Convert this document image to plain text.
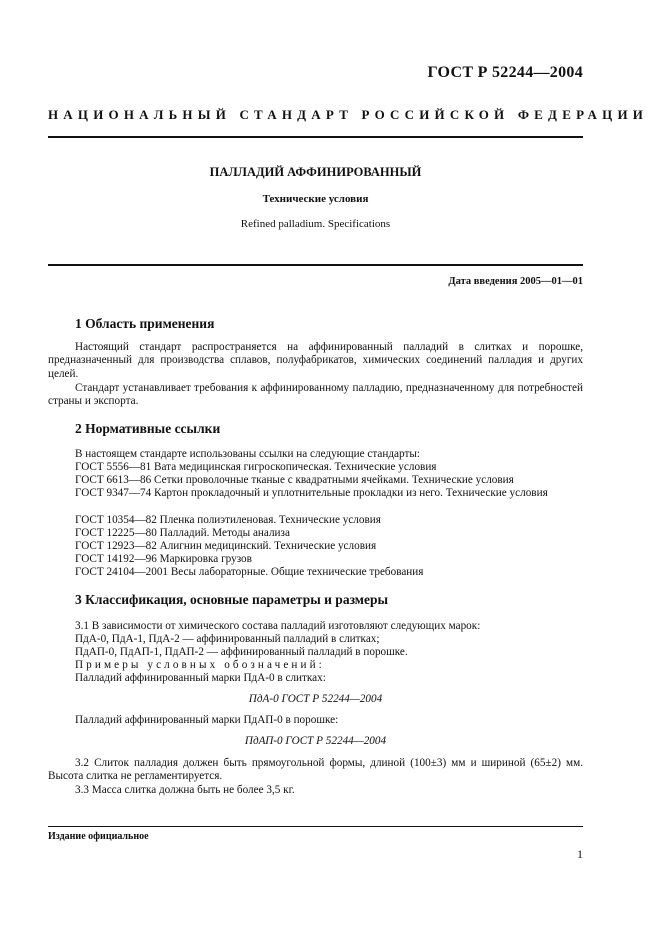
ГОСТ Р 52244—2004
НАЦИОНАЛЬНЫЙ СТАНДАРТ РОССИЙСКОЙ ФЕДЕРАЦИИ
ПАЛЛАДИЙ АФФИНИРОВАННЫЙ
Технические условия
Refined palladium. Specifications
Дата введения 2005—01—01
1 Область применения
Настоящий стандарт распространяется на аффинированный палладий в слитках и порошке, предназначенный для производства сплавов, полуфабрикатов, химических соединений палладия и других целей.
Стандарт устанавливает требования к аффинированному палладию, предназначенному для потребностей страны и экспорта.
2 Нормативные ссылки
В настоящем стандарте использованы ссылки на следующие стандарты:
ГОСТ 5556—81 Вата медицинская гигроскопическая. Технические условия
ГОСТ 6613—86 Сетки проволочные тканые с квадратными ячейками. Технические условия
ГОСТ 9347—74 Картон прокладочный и уплотнительные прокладки из него. Технические условия
ГОСТ 10354—82 Пленка полиэтиленовая. Технические условия
ГОСТ 12225—80 Палладий. Методы анализа
ГОСТ 12923—82 Алигнин медицинский. Технические условия
ГОСТ 14192—96 Маркировка грузов
ГОСТ 24104—2001 Весы лабораторные. Общие технические требования
3 Классификация, основные параметры и размеры
3.1 В зависимости от химического состава палладий изготовляют следующих марок:
ПдА-0, ПдА-1, ПдА-2 — аффинированный палладий в слитках;
ПдАП-0, ПдАП-1, ПдАП-2 — аффинированный палладий в порошке.
Примеры условных обозначений:
Палладий аффинированный марки ПдА-0 в слитках:
ПдА-0 ГОСТ Р 52244—2004
Палладий аффинированный марки ПдАП-0 в порошке:
ПдАП-0 ГОСТ Р 52244—2004
3.2 Слиток палладия должен быть прямоугольной формы, длиной (100±3) мм и шириной (65±2) мм. Высота слитка не регламентируется.
3.3 Масса слитка должна быть не более 3,5 кг.
Издание официальное
1
